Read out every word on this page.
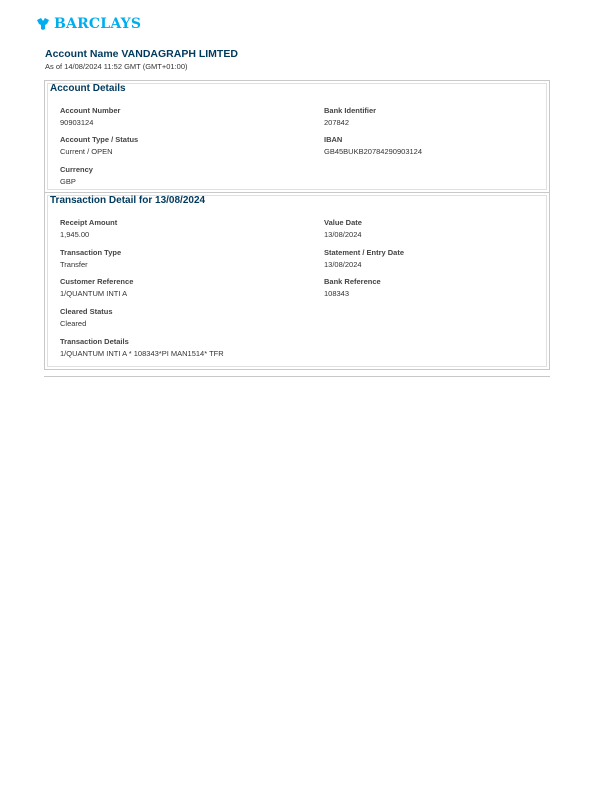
BARCLAYS
Account Name VANDAGRAPH LIMTED
As of 14/08/2024 11:52 GMT (GMT+01:00)
Account Details
Account Number
90903124
Bank Identifier
207842
Account Type / Status
Current / OPEN
IBAN
GB45BUKB20784290903124
Currency
GBP
Transaction Detail for 13/08/2024
Receipt Amount
1,945.00
Value Date
13/08/2024
Transaction Type
Transfer
Statement / Entry Date
13/08/2024
Customer Reference
1/QUANTUM INTI A
Bank Reference
108343
Cleared Status
Cleared
Transaction Details
1/QUANTUM INTI A * 108343*PI MAN1514* TFR
